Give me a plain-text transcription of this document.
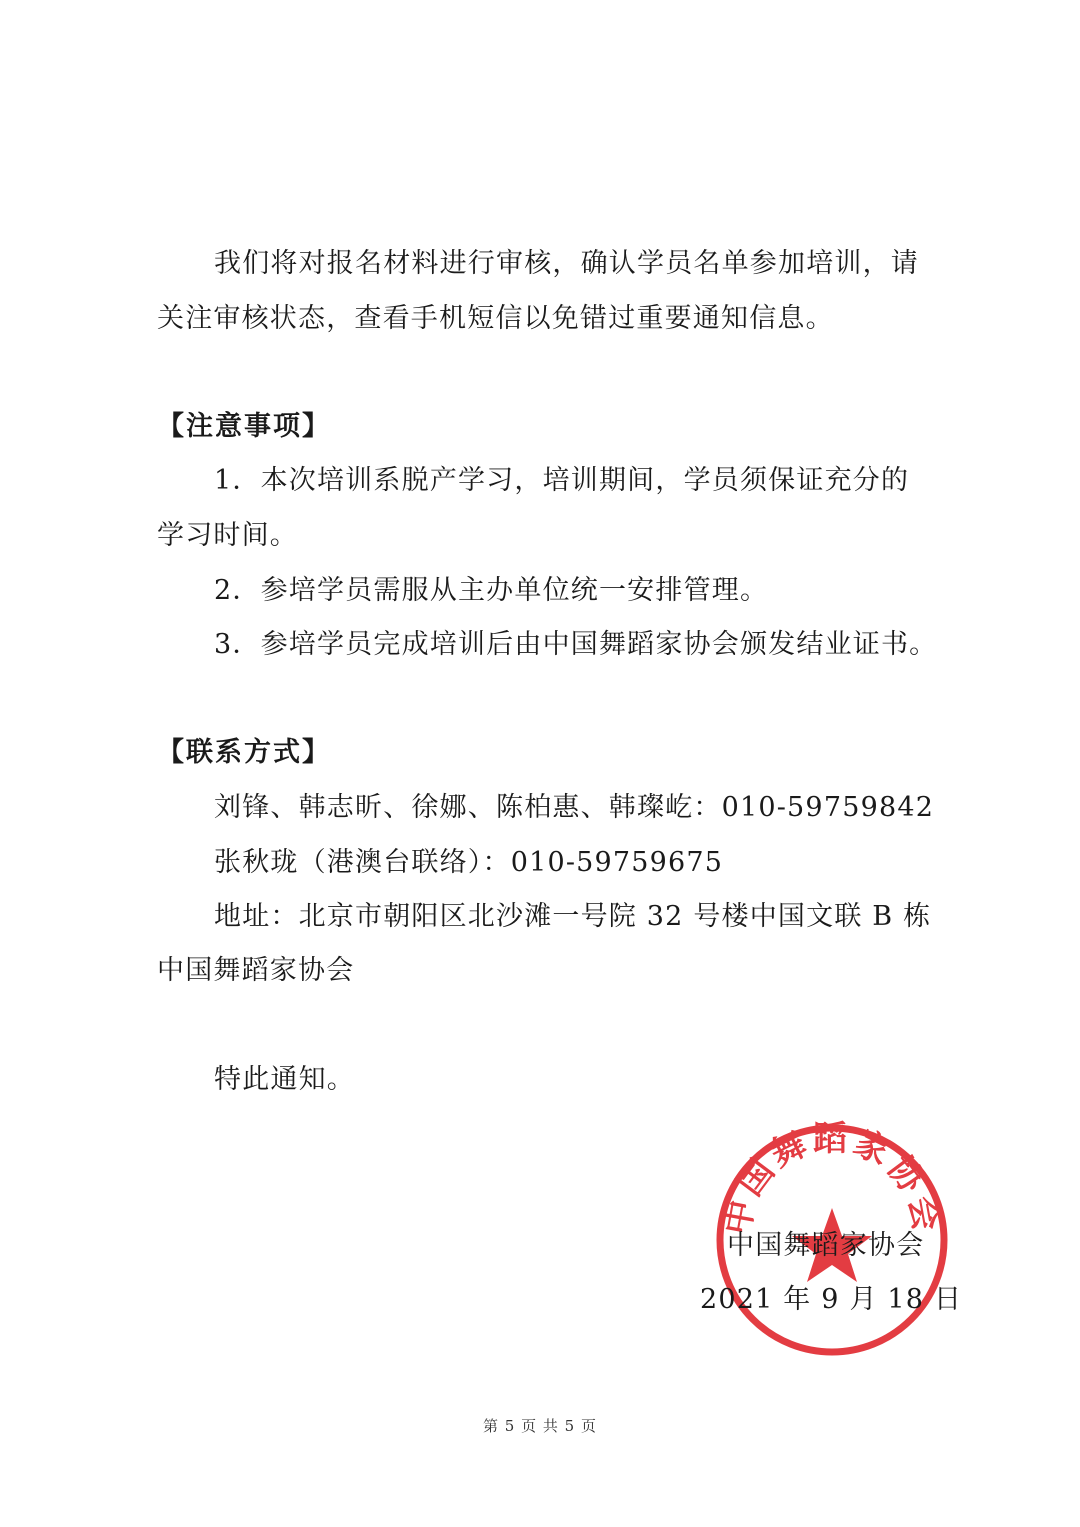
我们将对报名材料进行审核，确认学员名单参加培训，请
关注审核状态，查看手机短信以免错过重要通知信息。
【注意事项】
1．本次培训系脱产学习，培训期间，学员须保证充分的
学习时间。
2．参培学员需服从主办单位统一安排管理。
3．参培学员完成培训后由中国舞蹈家协会颁发结业证书。
【联系方式】
刘锋、韩志昕、徐娜、陈柏惠、韩璨屹：010-59759842
张秋珑（港澳台联络）：010-59759675
地址：北京市朝阳区北沙滩一号院 32 号楼中国文联 B 栋
中国舞蹈家协会
特此通知。
中国舞蹈家协会
中国舞蹈家协会
2021 年 9 月 18 日
第 5 页 共 5 页
